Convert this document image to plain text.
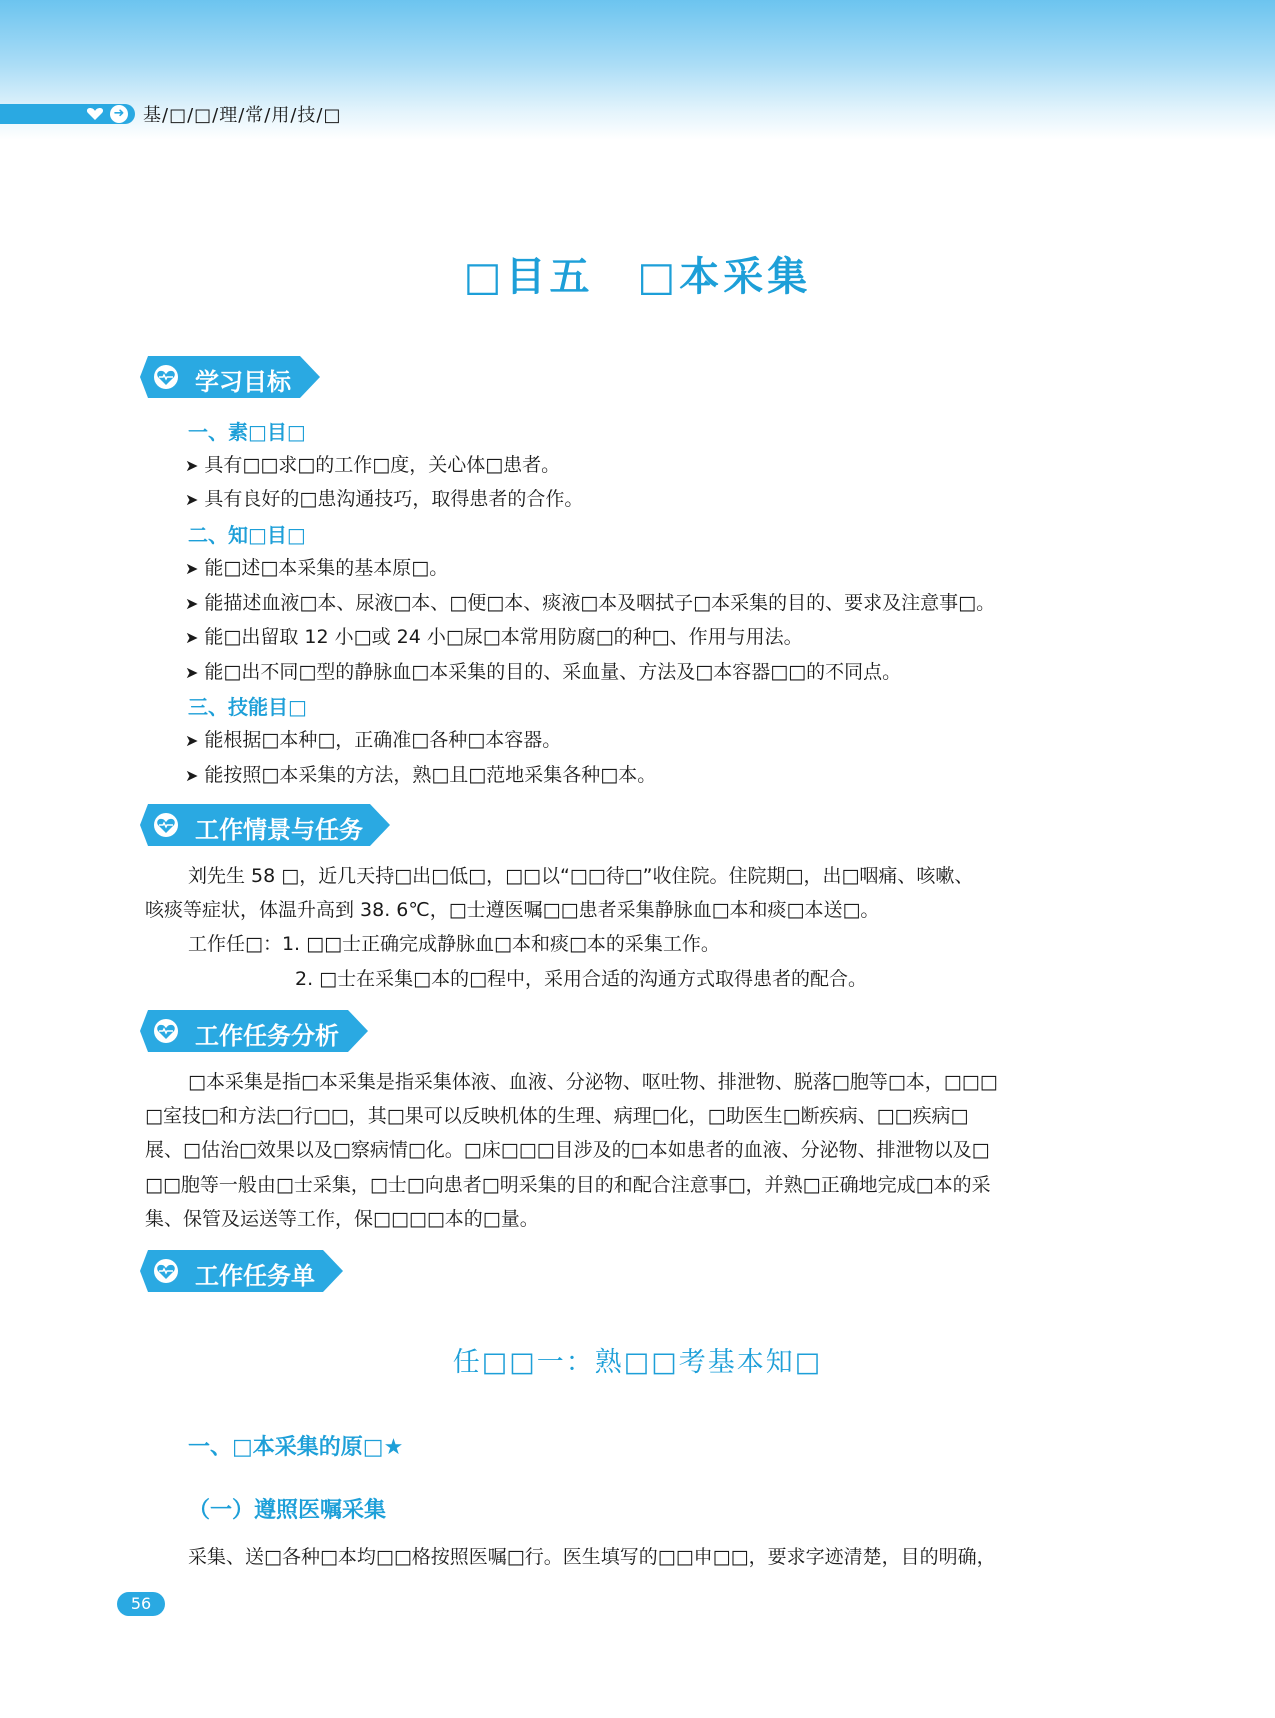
➜ 基/□/□/理/常/用/技/□
□目五　□本采集
学习目标
一、素□目□
➤ 具有□□求□的工作□度，关心体□患者。
➤ 具有良好的□患沟通技巧，取得患者的合作。
二、知□目□
➤ 能□述□本采集的基本原□。
➤ 能描述血液□本、尿液□本、□便□本、痰液□本及咽拭子□本采集的目的、要求及注意事□。
➤ 能□出留取 12 小□或 24 小□尿□本常用防腐□的种□、作用与用法。
➤ 能□出不同□型的静脉血□本采集的目的、采血量、方法及□本容器□□的不同点。
三、技能目□
➤ 能根据□本种□，正确准□各种□本容器。
➤ 能按照□本采集的方法，熟□且□范地采集各种□本。
工作情景与任务
刘先生 58 □，近几天持□出□低□，□□以“□□待□”收住院。住院期□，出□咽痛、咳嗽、
咳痰等症状，体温升高到 38. 6℃，□士遵医嘱□□患者采集静脉血□本和痰□本送□。
工作任□：1. □□士正确完成静脉血□本和痰□本的采集工作。
2. □士在采集□本的□程中，采用合适的沟通方式取得患者的配合。
工作任务分析
□本采集是指□本采集是指采集体液、血液、分泌物、呕吐物、排泄物、脱落□胞等□本，□□□
□室技□和方法□行□□，其□果可以反映机体的生理、病理□化，□助医生□断疾病、□□疾病□
展、□估治□效果以及□察病情□化。□床□□□目涉及的□本如患者的血液、分泌物、排泄物以及□
□□胞等一般由□士采集，□士□向患者□明采集的目的和配合注意事□，并熟□正确地完成□本的采
集、保管及运送等工作，保□□□□本的□量。
工作任务单
任□□一：熟□□考基本知□
一、□本采集的原□★
（一）遵照医嘱采集
采集、送□各种□本均□□格按照医嘱□行。医生填写的□□申□□，要求字迹清楚，目的明确，
56
